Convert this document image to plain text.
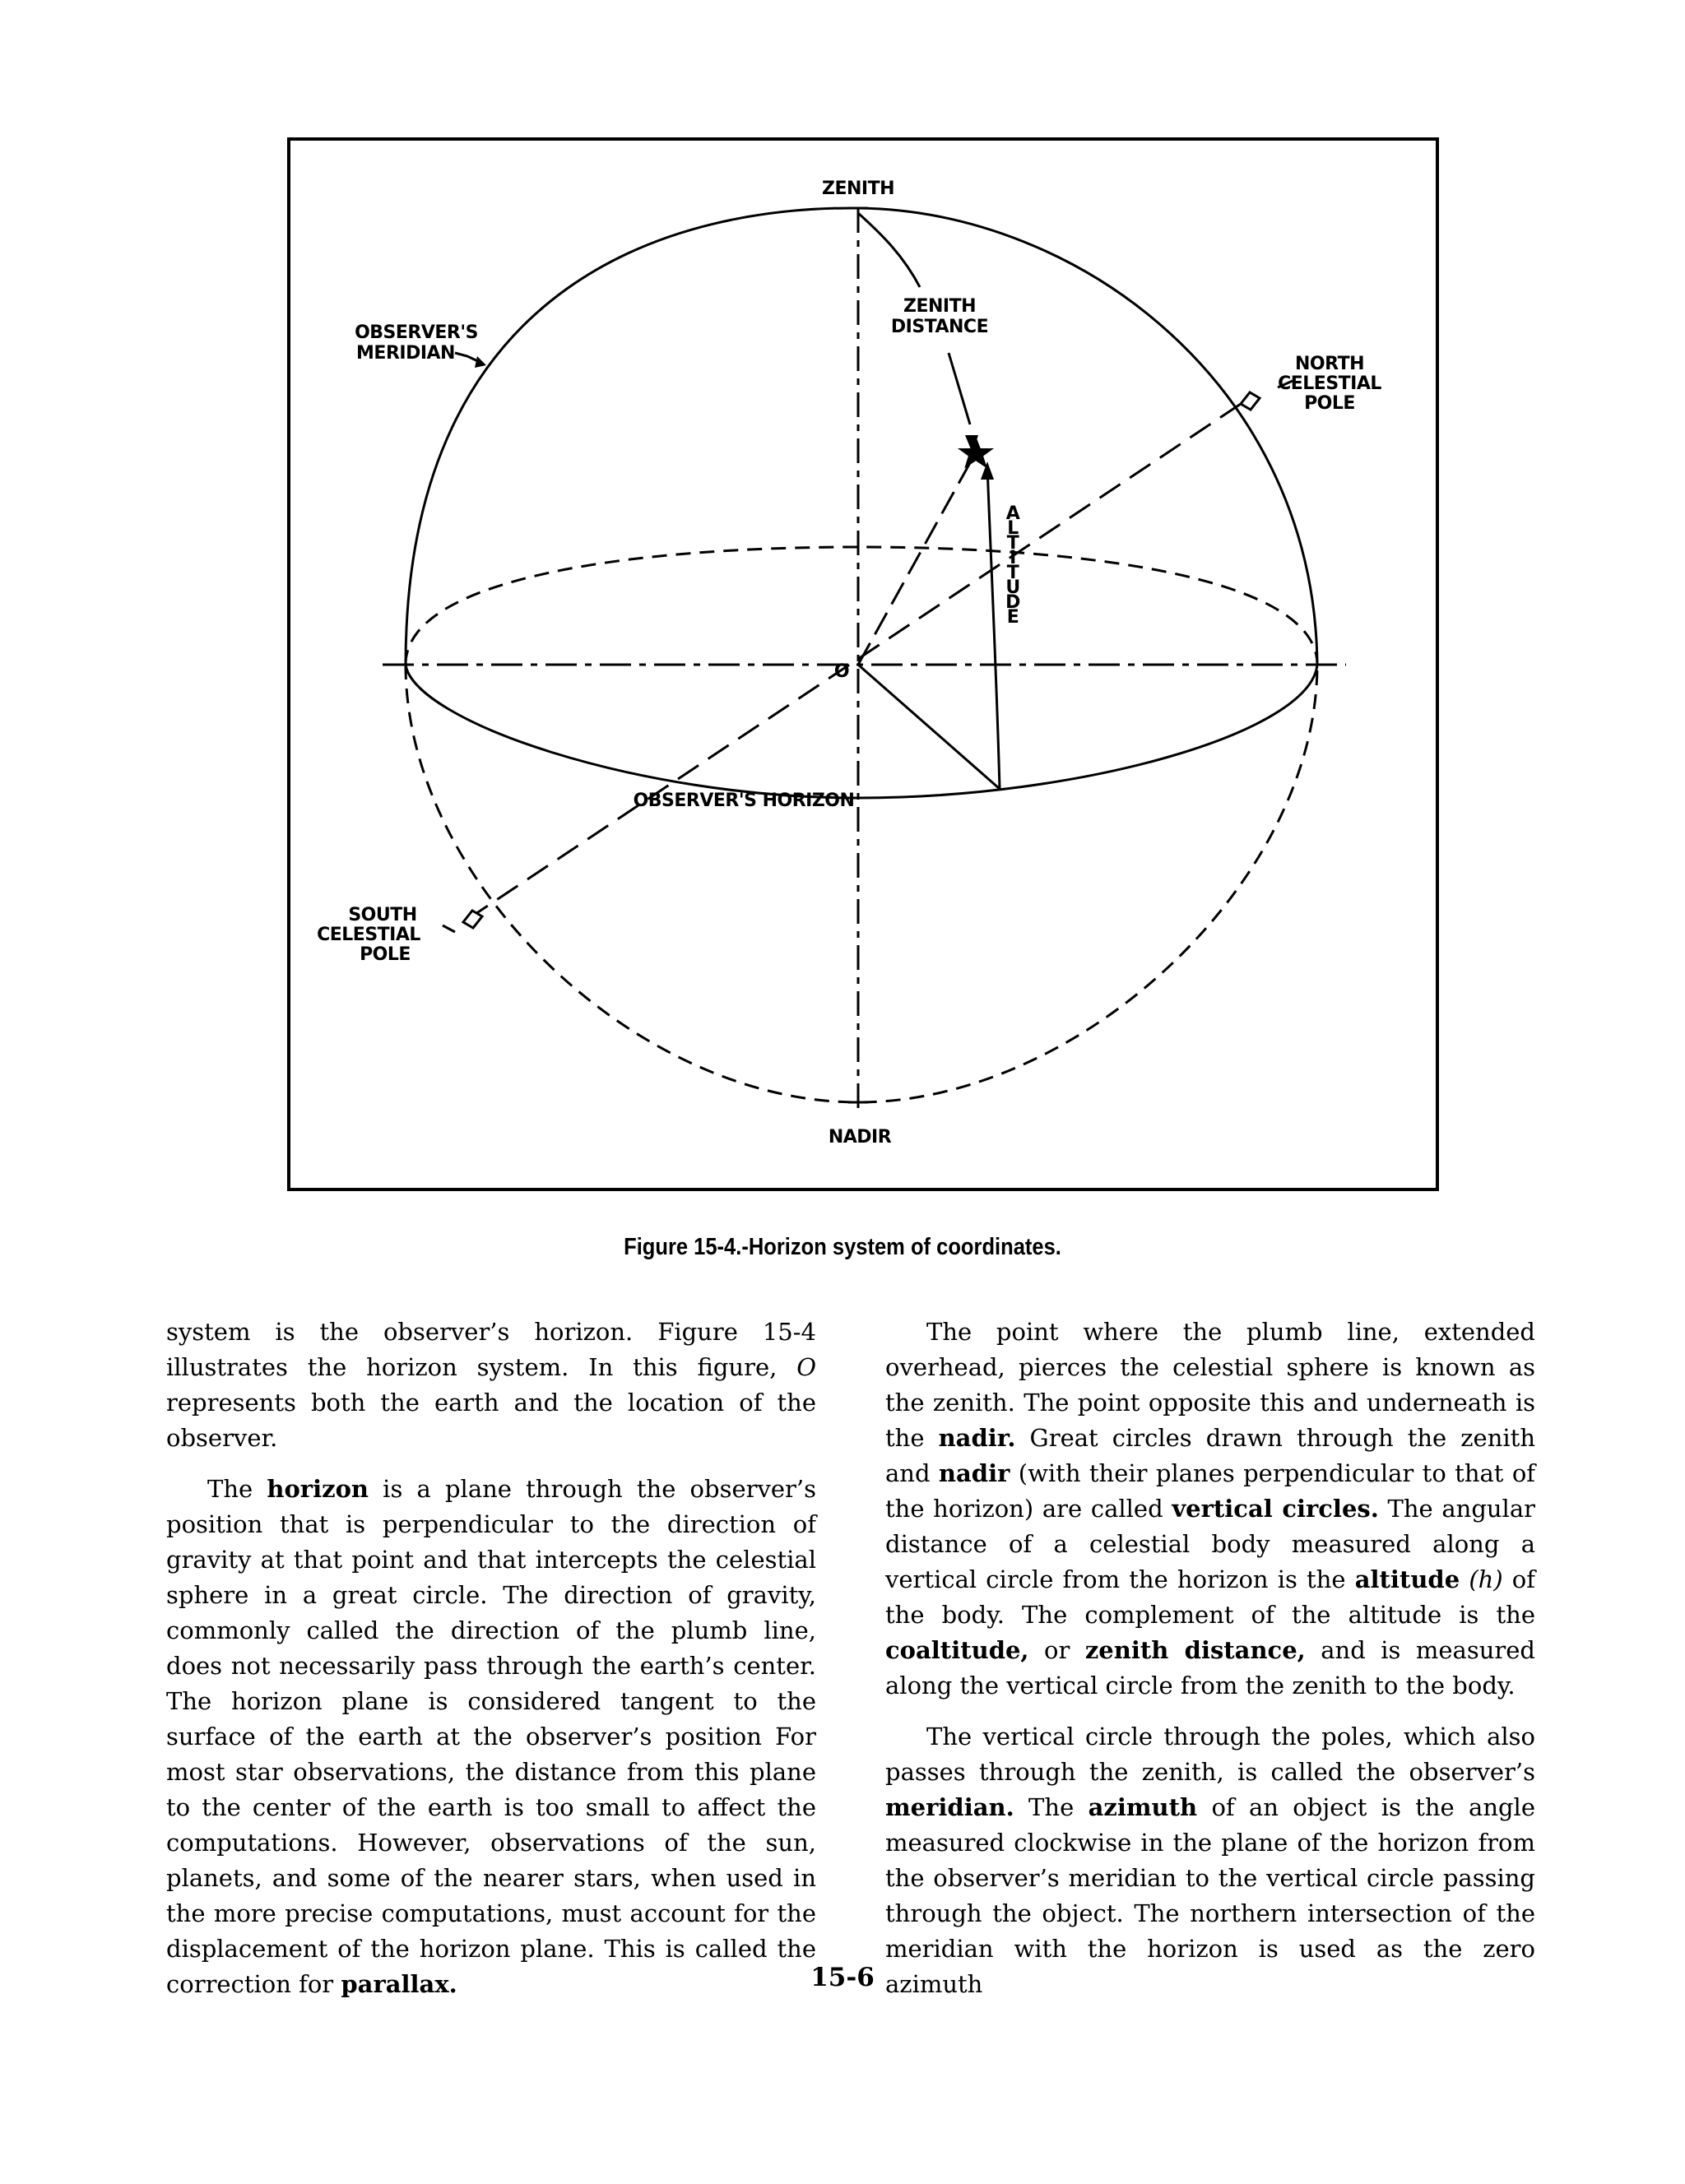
ZENITH
ZENITH
DISTANCE
OBSERVER'S
MERIDIAN
NORTH
CELESTIAL
POLE
A
L
T
I
T
U
D
E
O
OBSERVER'S HORIZON
SOUTH
CELESTIAL
POLE
NADIR
Figure 15-4.-Horizon system of coordinates.

system is the observer’s horizon. Figure 15-4 illustrates the horizon system. In this figure, O represents both the earth and the location of the observer.

The horizon is a plane through the observer’s position that is perpendicular to the direction of gravity at that point and that intercepts the celestial sphere in a great circle. The direction of gravity, commonly called the direction of the plumb line, does not necessarily pass through the earth’s center. The horizon plane is considered tangent to the surface of the earth at the observer’s position For most star observations, the distance from this plane to the center of the earth is too small to affect the computations. However, observations of the sun, planets, and some of the nearer stars, when used in the more precise computations, must account for the displacement of the horizon plane. This is called the correction for parallax.

The point where the plumb line, extended overhead, pierces the celestial sphere is known as the zenith. The point opposite this and underneath is the nadir. Great circles drawn through the zenith and nadir (with their planes perpendicular to that of the horizon) are called vertical circles. The angular distance of a celestial body measured along a vertical circle from the horizon is the altitude (h) of the body. The complement of the altitude is the coaltitude, or zenith distance, and is measured along the vertical circle from the zenith to the body.

The vertical circle through the poles, which also passes through the zenith, is called the observer’s meridian. The azimuth of an object is the angle measured clockwise in the plane of the horizon from the observer’s meridian to the vertical circle passing through the object. The northern intersection of the meridian with the horizon is used as the zero azimuth

15-6
